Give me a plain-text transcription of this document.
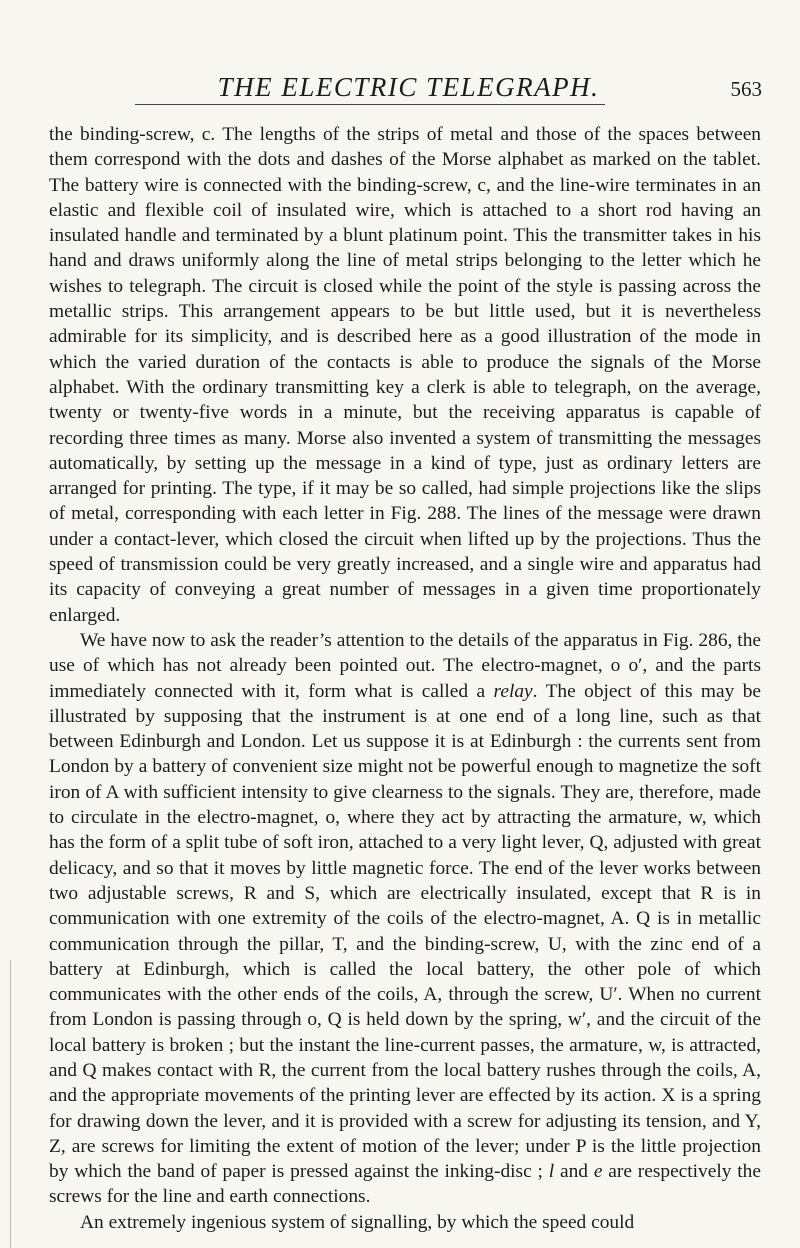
THE ELECTRIC TELEGRAPH.	563

the binding-screw, c. The lengths of the strips of metal and those of the spaces between them correspond with the dots and dashes of the Morse alphabet as marked on the tablet. The battery wire is connected with the binding-screw, c, and the line-wire terminates in an elastic and flexible coil of insulated wire, which is attached to a short rod having an insulated handle and terminated by a blunt platinum point. This the transmitter takes in his hand and draws uniformly along the line of metal strips belonging to the letter which he wishes to telegraph. The circuit is closed while the point of the style is passing across the metallic strips. This arrangement appears to be but little used, but it is nevertheless admirable for its simplicity, and is described here as a good illustration of the mode in which the varied duration of the contacts is able to produce the signals of the Morse alphabet. With the ordinary transmitting key a clerk is able to telegraph, on the average, twenty or twenty-five words in a minute, but the receiving apparatus is capable of recording three times as many. Morse also invented a system of transmitting the messages automatically, by setting up the message in a kind of type, just as ordinary letters are arranged for printing. The type, if it may be so called, had simple projections like the slips of metal, corresponding with each letter in Fig. 288. The lines of the message were drawn under a contact-lever, which closed the circuit when lifted up by the projections. Thus the speed of transmission could be very greatly increased, and a single wire and apparatus had its capacity of conveying a great number of messages in a given time proportionately enlarged.

We have now to ask the reader’s attention to the details of the apparatus in Fig. 286, the use of which has not already been pointed out. The electro-magnet, o o′, and the parts immediately connected with it, form what is called a relay. The object of this may be illustrated by supposing that the instrument is at one end of a long line, such as that between Edinburgh and London. Let us suppose it is at Edinburgh : the currents sent from London by a battery of convenient size might not be powerful enough to magnetize the soft iron of A with sufficient intensity to give clearness to the signals. They are, therefore, made to circulate in the electro-magnet, o, where they act by attracting the armature, w, which has the form of a split tube of soft iron, attached to a very light lever, Q, adjusted with great delicacy, and so that it moves by little magnetic force. The end of the lever works between two adjustable screws, R and S, which are electrically insulated, except that R is in communication with one extremity of the coils of the electro-magnet, A. Q is in metallic communication through the pillar, T, and the binding-screw, U, with the zinc end of a battery at Edinburgh, which is called the local battery, the other pole of which communicates with the other ends of the coils, A, through the screw, U′. When no current from London is passing through o, Q is held down by the spring, w′, and the circuit of the local battery is broken ; but the instant the line-current passes, the armature, w, is attracted, and Q makes contact with R, the current from the local battery rushes through the coils, A, and the appropriate movements of the printing lever are effected by its action. X is a spring for drawing down the lever, and it is provided with a screw for adjusting its tension, and Y, Z, are screws for limiting the extent of motion of the lever; under P is the little projection by which the band of paper is pressed against the inking-disc ; l and e are respectively the screws for the line and earth connections.

An extremely ingenious system of signalling, by which the speed could
